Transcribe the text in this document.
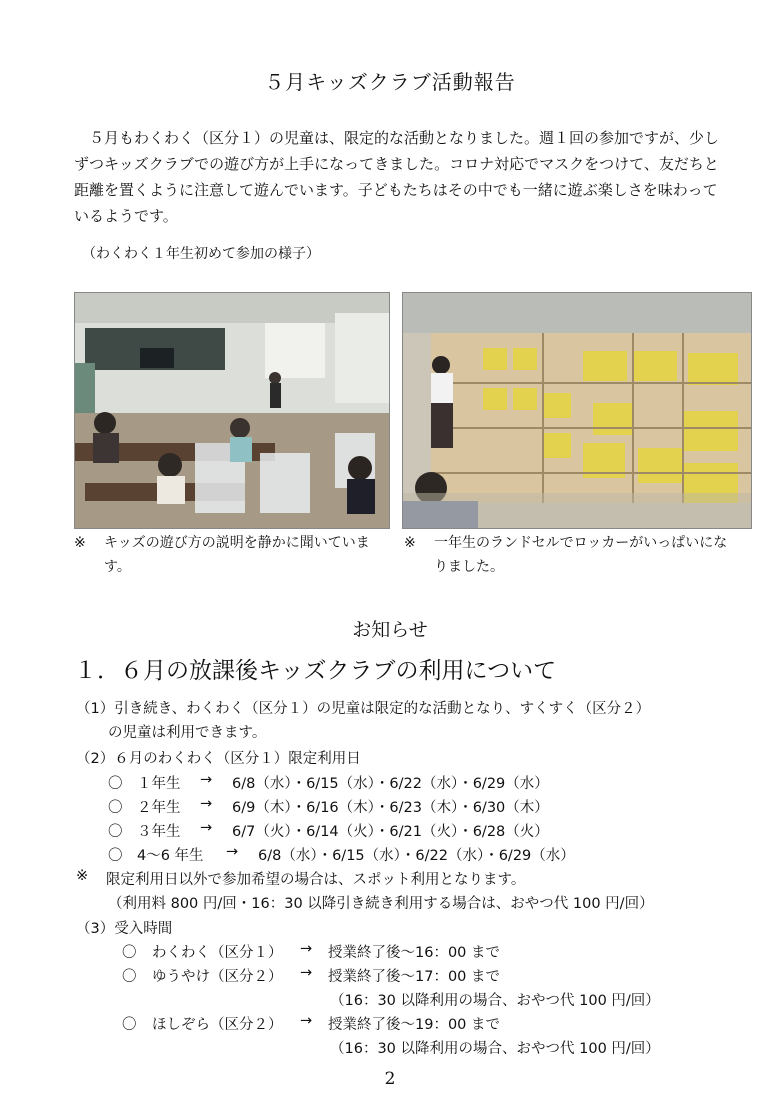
５月キッズクラブ活動報告
５月もわくわく（区分１）の児童は、限定的な活動となりました。週１回の参加ですが、少しずつキッズクラブでの遊び方が上手になってきました。コロナ対応でマスクをつけて、友だちと距離を置くように注意して遊んでいます。子どもたちはその中でも一緒に遊ぶ楽しさを味わっているようです。
（わくわく１年生初めて参加の様子）
※ キッズの遊び方の説明を静かに聞いています。
※ 一年生のランドセルでロッカーがいっぱいになりました。
お知らせ
１．６月の放課後キッズクラブの利用について
（1）引き続き、わくわく（区分１）の児童は限定的な活動となり、すくすく（区分２）
の児童は利用できます。
（2）６月のわくわく（区分１）限定利用日
〇 １年生 → 6/8（水）・6/15（水）・6/22（水）・6/29（水）
〇 ２年生 → 6/9（木）・6/16（木）・6/23（木）・6/30（木）
〇 ３年生 → 6/7（火）・6/14（火）・6/21（火）・6/28（火）
〇 4～6 年生 → 6/8（水）・6/15（水）・6/22（水）・6/29（水）
※ 限定利用日以外で参加希望の場合は、スポット利用となります。
（利用料 800 円/回・16：30 以降引き続き利用する場合は、おやつ代 100 円/回）
（3）受入時間
〇 わくわく（区分１） → 授業終了後～16：00 まで
〇 ゆうやけ（区分２） → 授業終了後～17：00 まで
（16：30 以降利用の場合、おやつ代 100 円/回）
〇 ほしぞら（区分２） → 授業終了後～19：00 まで
（16：30 以降利用の場合、おやつ代 100 円/回）
2
